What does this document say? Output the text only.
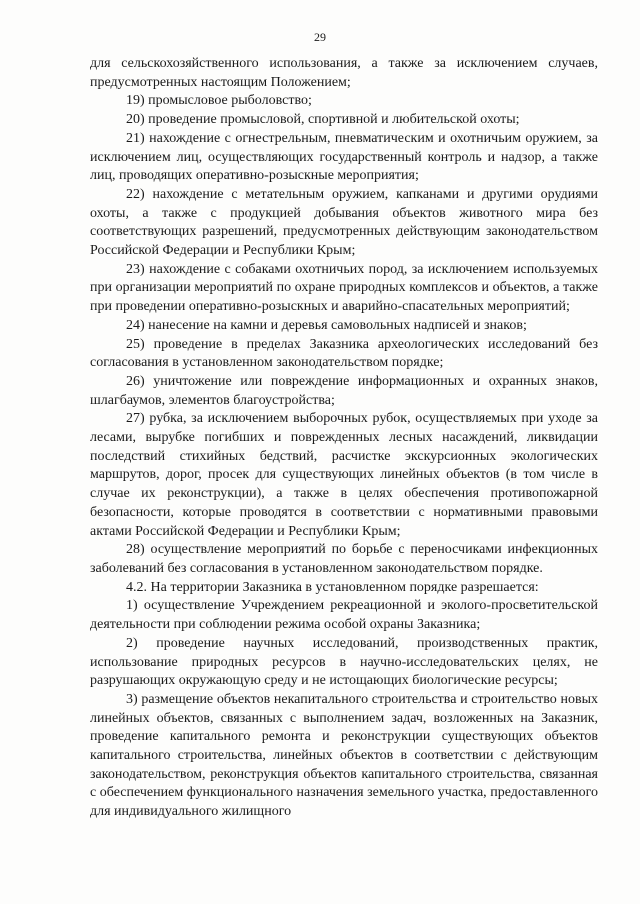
29

для сельскохозяйственного использования, а также за исключением случаев, предусмотренных настоящим Положением;

19) промысловое рыболовство;

20) проведение промысловой, спортивной и любительской охоты;

21) нахождение с огнестрельным, пневматическим и охотничьим оружием, за исключением лиц, осуществляющих государственный контроль и надзор, а также лиц, проводящих оперативно-розыскные мероприятия;

22) нахождение с метательным оружием, капканами и другими орудиями охоты, а также с продукцией добывания объектов животного мира без соответствующих разрешений, предусмотренных действующим законодательством Российской Федерации и Республики Крым;

23) нахождение с собаками охотничьих пород, за исключением используемых при организации мероприятий по охране природных комплексов и объектов, а также при проведении оперативно-розыскных и аварийно-спасательных мероприятий;

24) нанесение на камни и деревья самовольных надписей и знаков;

25) проведение в пределах Заказника археологических исследований без согласования в установленном законодательством порядке;

26) уничтожение или повреждение информационных и охранных знаков, шлагбаумов, элементов благоустройства;

27) рубка, за исключением выборочных рубок, осуществляемых при уходе за лесами, вырубке погибших и поврежденных лесных насаждений, ликвидации последствий стихийных бедствий, расчистке экскурсионных экологических маршрутов, дорог, просек для существующих линейных объектов (в том числе в случае их реконструкции), а также в целях обеспечения противопожарной безопасности, которые проводятся в соответствии с нормативными правовыми актами Российской Федерации и Республики Крым;

28) осуществление мероприятий по борьбе с переносчиками инфекционных заболеваний без согласования в установленном законодательством порядке.

4.2. На территории Заказника в установленном порядке разрешается:

1) осуществление Учреждением рекреационной и эколого-просветительской деятельности при соблюдении режима особой охраны Заказника;

2) проведение научных исследований, производственных практик, использование природных ресурсов в научно-исследовательских целях, не разрушающих окружающую среду и не истощающих биологические ресурсы;

3) размещение объектов некапитального строительства и строительство новых линейных объектов, связанных с выполнением задач, возложенных на Заказник, проведение капитального ремонта и реконструкции существующих объектов капитального строительства, линейных объектов в соответствии с действующим законодательством, реконструкция объектов капитального строительства, связанная с обеспечением функционального назначения земельного участка, предоставленного для индивидуального жилищного
